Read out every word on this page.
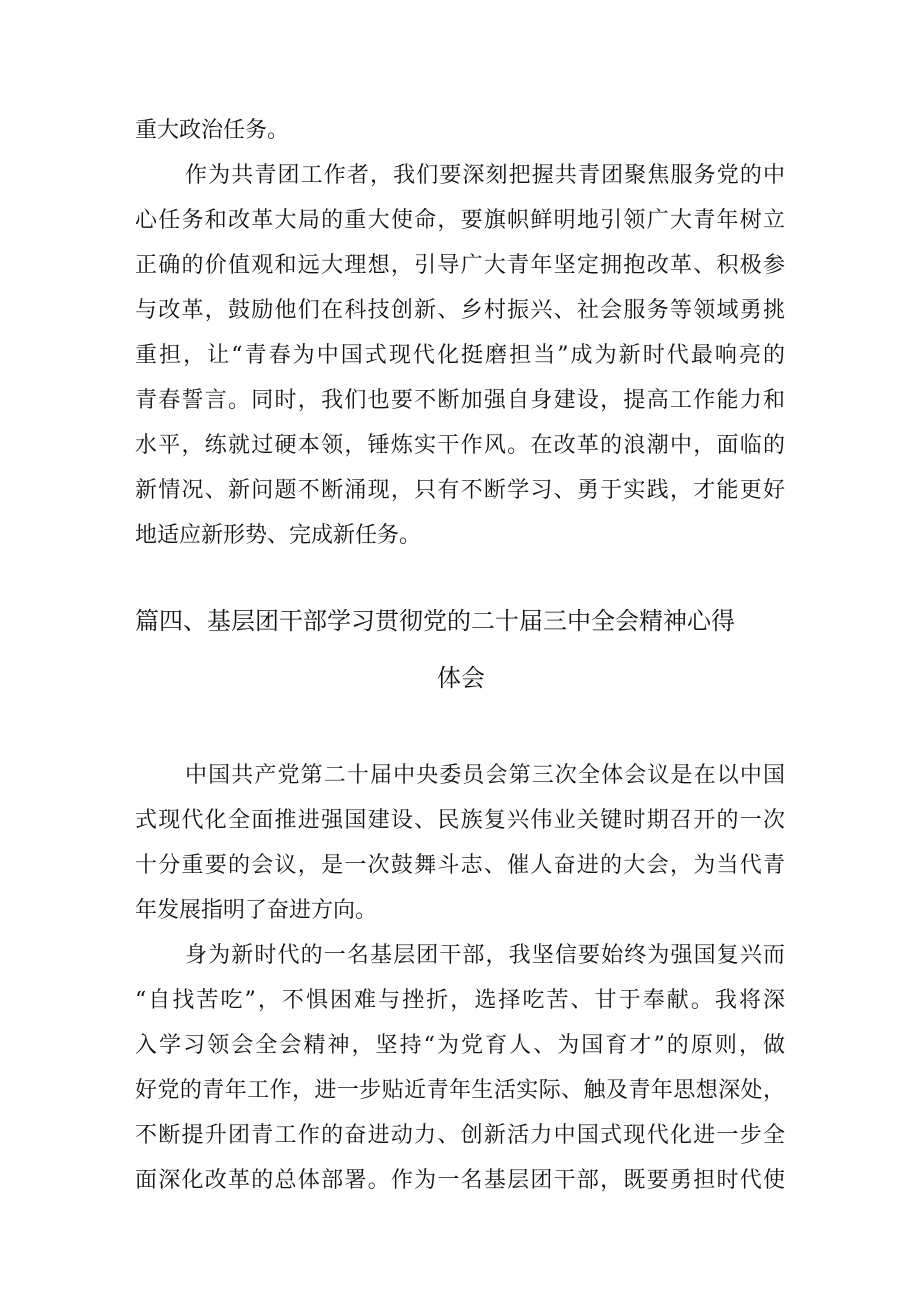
重大政治任务。
作为共青团工作者，我们要深刻把握共青团聚焦服务党的中
心任务和改革大局的重大使命，要旗帜鲜明地引领广大青年树立
正确的价值观和远大理想，引导广大青年坚定拥抱改革、积极参
与改革，鼓励他们在科技创新、乡村振兴、社会服务等领域勇挑
重担，让“青春为中国式现代化挺磨担当”成为新时代最响亮的
青春誓言。同时，我们也要不断加强自身建设，提高工作能力和
水平，练就过硬本领，锤炼实干作风。在改革的浪潮中，面临的
新情况、新问题不断涌现，只有不断学习、勇于实践，才能更好
地适应新形势、完成新任务。
篇四、基层团干部学习贯彻党的二十届三中全会精神心得
体会
中国共产党第二十届中央委员会第三次全体会议是在以中国
式现代化全面推进强国建设、民族复兴伟业关键时期召开的一次
十分重要的会议，是一次鼓舞斗志、催人奋进的大会，为当代青
年发展指明了奋进方向。
身为新时代的一名基层团干部，我坚信要始终为强国复兴而
“自找苦吃”，不惧困难与挫折，选择吃苦、甘于奉献。我将深
入学习领会全会精神，坚持“为党育人、为国育才”的原则，做
好党的青年工作，进一步贴近青年生活实际、触及青年思想深处，
不断提升团青工作的奋进动力、创新活力中国式现代化进一步全
面深化改革的总体部署。作为一名基层团干部，既要勇担时代使
